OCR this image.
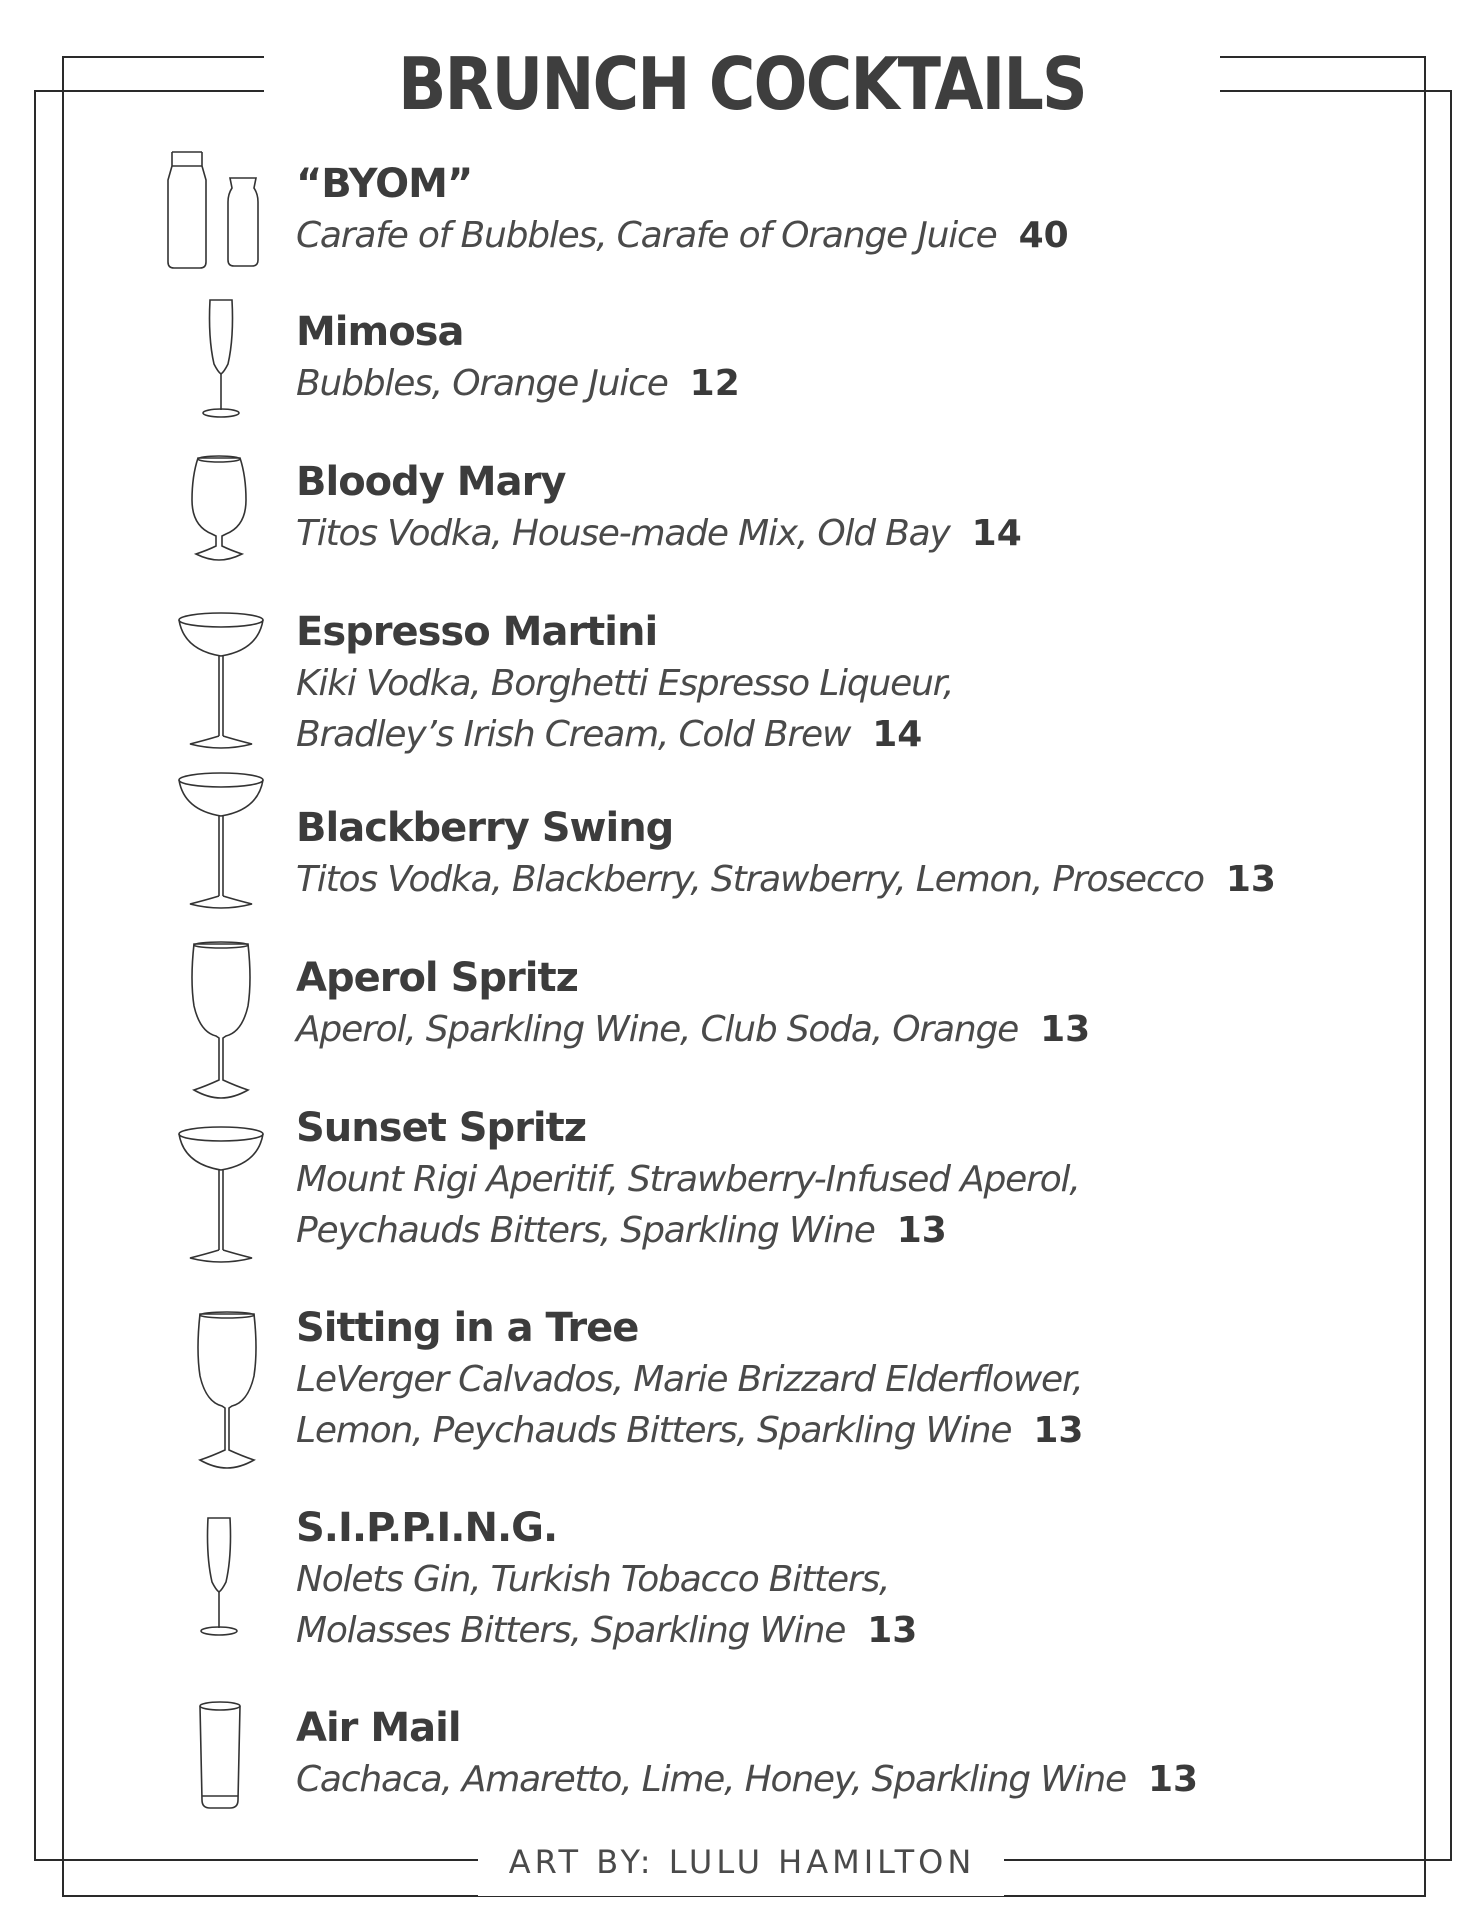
BRUNCH COCKTAILS
“BYOM”
Carafe of Bubbles, Carafe of Orange Juice 40
Mimosa
Bubbles, Orange Juice 12
Bloody Mary
Titos Vodka, House-made Mix, Old Bay 14
Espresso Martini
Kiki Vodka, Borghetti Espresso Liqueur,
Bradley’s Irish Cream, Cold Brew 14
Blackberry Swing
Titos Vodka, Blackberry, Strawberry, Lemon, Prosecco 13
Aperol Spritz
Aperol, Sparkling Wine, Club Soda, Orange 13
Sunset Spritz
Mount Rigi Aperitif, Strawberry-Infused Aperol,
Peychauds Bitters, Sparkling Wine 13
Sitting in a Tree
LeVerger Calvados, Marie Brizzard Elderflower,
Lemon, Peychauds Bitters, Sparkling Wine 13
S.I.P.P.I.N.G.
Nolets Gin, Turkish Tobacco Bitters,
Molasses Bitters, Sparkling Wine 13
Air Mail
Cachaca, Amaretto, Lime, Honey, Sparkling Wine 13
ART BY: LULU HAMILTON
